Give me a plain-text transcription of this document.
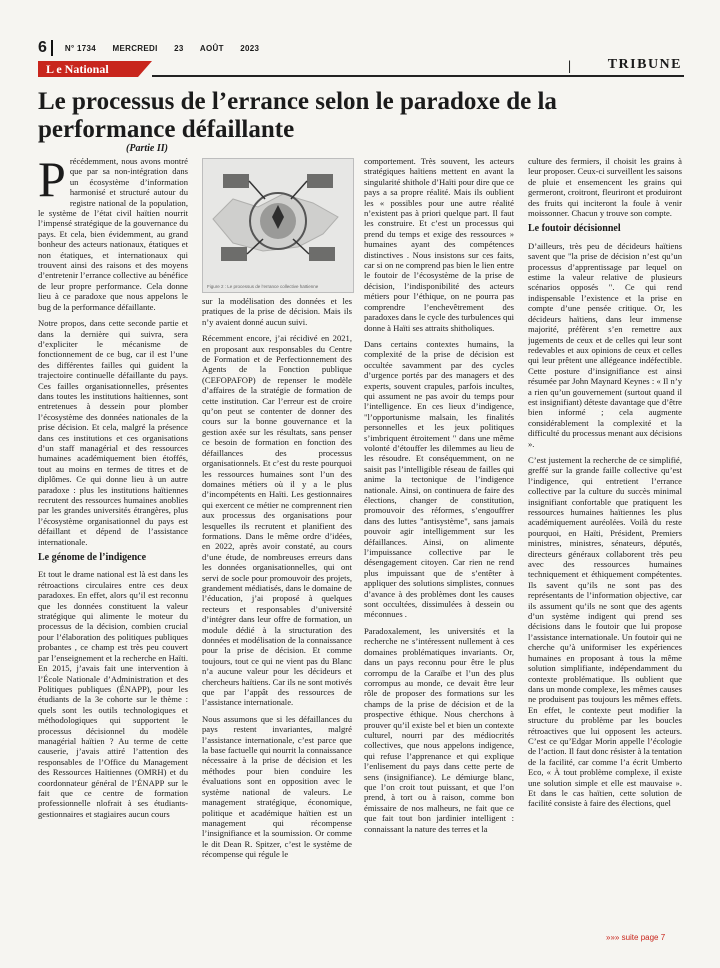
6 N° 1734 MERCREDI 23 AOÛT 2023
L e National	|	TRIBUNE
Le processus de l’errance selon le paradoxe de la performance défaillante
(Partie II)
P récédemment, nous avons montré que par sa non-intégration dans un écosystème d’information harmonisé et structuré autour du registre national de la population, le système de l’état civil haïtien nourrit l’impensé stratégique de la gouvernance du pays. Et cela, bien évidemment, au grand bonheur des acteurs nationaux, étatiques et non étatiques, et internationaux qui trouvent ainsi des raisons et des moyens d’entretenir l’errance collective au bénéfice de leur propre performance. Cela donne lieu à ce paradoxe que nous appelons le bug de la performance défaillante.

Notre propos, dans cette seconde partie et dans la dernière qui suivra, sera d’expliciter le mécanisme de fonctionnement de ce bug, car il est l’une des différentes failles qui guident la trajectoire continuelle défaillante du pays. Ces failles organisationnelles, présentes dans toutes les institutions haïtiennes, sont entretenues à dessein pour plomber l’écosystème des données nationales de la prise décision. Et cela, malgré la présence dans ces institutions et ces organisations d’un staff managérial et des ressources humaines académiquement bien étoffés, tout au moins en termes de titres et de diplômes. Ce qui donne lieu à un autre paradoxe : plus les institutions haïtiennes recrutent des ressources humaines anoblies par les grandes universités étrangères, plus l’écosystème organisationnel du pays est défaillant et dépend de l’assistance internationale.

Le génome de l’indigence

Et tout le drame national est là est dans les rétroactions circulaires entre ces deux paradoxes. En effet, alors qu’il est reconnu que les données constituent la valeur stratégique qui alimente le moteur du processus de la décision, combien crucial pour l’élaboration des politiques publiques probantes , ce champ est très peu couvert par l’enseignement et la recherche en Haïti. En 2015, j’avais fait une intervention à l’École Nationale d’Administration et des Politiques publiques (ÉNAPP), pour les étudiants de la 3e cohorte sur le thème : quels sont les outils technologiques et méthodologiques qui supportent le processus décisionnel du modèle managérial haïtien ? Au terme de cette causerie, j’avais attiré l’attention des responsables de l’Office du Management des Ressources Haïtiennes (OMRH) et du coordonnateur général de l’ÉNAPP sur le fait que ce centre de formation professionnelle nlofrait à ses étudiants-gestionnaires et stagiaires aucun cours

Figure 2 : Le processus de l’errance collective haïtienne

sur la modélisation des données et les pratiques de la prise de décision. Mais ils n’y avaient donné aucun suivi.

Récemment encore, j’ai récidivé en 2021, en proposant aux responsables du Centre de Formation et de Perfectionnement des Agents de la Fonction publique (CEFOPAFOP) de repenser le modèle d’affaires de la stratégie de formation de cette institution. Car l’erreur est de croire qu’on peut se contenter de donner des cours sur la bonne gouvernance et la gestion axée sur les résultats, sans penser ce besoin de formation en fonction des défaillances des processus organisationnels. Et c’est du reste pourquoi les ressources humaines sont l’un des domaines métiers où il y a le plus d’incompétents en Haïti. Les gestionnaires qui exercent ce métier ne comprennent rien aux processus des organisations pour lesquelles ils recrutent et planifient des formations. Dans le même ordre d’idées, en 2022, après avoir constaté, au cours d’une étude, de nombreuses erreurs dans les données organisationnelles, qui ont servi de socle pour promouvoir des projets, grandement médiatisés, dans le domaine de l’éducation, j’ai proposé à quelques recteurs et responsables d’université d’intégrer dans leur offre de formation, un module dédié à la structuration des données et modélisation de la connaissance pour la prise de décision. Et comme toujours, tout ce qui ne vient pas du Blanc n’a aucune valeur pour les décideurs et chercheurs haïtiens. Car ils ne sont motivés que par l’appât des ressources de l’assistance internationale.

Nous assumons que si les défaillances du pays restent invariantes, malgré l’assistance internationale, c’est parce que la base factuelle qui nourrit la connaissance nécessaire à la prise de décision et les méthodes pour bien conduire les évaluations sont en opposition avec le système national de valeurs. Le management stratégique, économique, politique et académique haïtien est un management qui récompense l’insignifiance et la soumission. Or comme le dit Dean R. Spitzer, c’est le système de récompense qui régule le

comportement. Très souvent, les acteurs stratégiques haïtiens mettent en avant la singularité shithole d’Haïti pour dire que ce pays a sa propre réalité. Mais ils oublient les « possibles pour une autre réalité n’existent pas à priori quelque part. Il faut les construire. Et c’est un processus qui prend du temps et exige des ressources » humaines ayant des compétences distinctives . Nous insistons sur ces faits, car si on ne comprend pas bien le lien entre le foutoir de l’écosystème de la prise de décision, l’indisponibilité des acteurs métiers pour l’éthique, on ne pourra pas comprendre l’enchevêtrement des paradoxes dans le cycle des turbulences qui donne à Haïti ses attraits shitholiques.

Dans certains contextes humains, la complexité de la prise de décision est occultée savamment par des cycles d’urgence portés par des managers et des experts, souvent crapules, parfois incultes, qui assument ne pas avoir du temps pour l’intelligence. En ces lieux d’indigence, "l’opportunisme malsain, les finalités personnelles et les jeux politiques s’imbriquent étroitement " dans une même volonté d’étouffer les dilemmes au lieu de les résoudre. Et conséquemment, on ne saisit pas l’intelligible réseau de failles qui anime la tectonique de l’indigence nationale. Ainsi, on continuera de faire des élections, changer de constitution, promouvoir des réformes, s’engouffrer dans des luttes "antisystème", sans jamais pouvoir agir intelligemment sur les défaillances. Ainsi, on alimente l’impuissance collective par le désengagement citoyen. Car rien ne rend plus impuissant que de s’entêter à appliquer des solutions simplistes, connues d’avance à des problèmes dont les causes sont occultées, dissimulées à dessein ou méconnues .

Paradoxalement, les universités et la recherche ne s’intéressent nullement à ces domaines problématiques invariants. Or, dans un pays reconnu pour être le plus corrompu de la Caraïbe et l’un des plus corrompus au monde, ce devait être leur rôle de proposer des formations sur les champs de la prise de décision et de la prospective éthique. Nous cherchons à prouver qu’il existe bel et bien un contexte culturel, nourri par des médiocrités collectives, que nous appelons indigence, qui refuse l’apprenance et qui explique l’enlisement du pays dans cette perte de sens (insignifiance). Le démiurge blanc, que l’on croit tout puissant, et que l’on prend, à tort ou à raison, comme bon émissaire de nos malheurs, ne fait que ce que fait tout bon jardinier intelligent : connaissant la nature des terres et la

culture des fermiers, il choisit les grains à leur proposer. Ceux-ci surveillent les saisons de pluie et ensemencent les grains qui germeront, croitront, fleuriront et produiront des fruits qui inciteront la foule à venir moissonner. Chacun y trouve son compte.

Le foutoir décisionnel

D’ailleurs, très peu de décideurs haïtiens savent que "la prise de décision n’est qu’un processus d’apprentissage par lequel on estime la valeur relative de plusieurs scénarios opposés ". Ce qui rend indispensable l’existence et la prise en compte d’une pensée critique. Or, les décideurs haïtiens, dans leur immense majorité, préfèrent s’en remettre aux jugements de ceux et de celles qui leur sont redevables et aux opinions de ceux et celles qui leur prêtent une allégeance indéfectible. Cette posture d’insignifiance est ainsi résumée par John Maynard Keynes : « Il n’y a rien qu’un gouvernement (surtout quand il est insignifiant) déteste davantage que d’être bien informé ; cela augmente considérablement la complexité et la difficulté du processus menant aux décisions ».

C’est justement la recherche de ce simplifié, greffé sur la grande faille collective qu’est l’indigence, qui entretient l’errance collective par la culture du succès minimal insignifiant confortable que pratiquent les ressources humaines haïtiennes les plus académiquement auréolées. Voilà du reste pourquoi, en Haïti, Président, Premiers ministres, ministres, sénateurs, députés, directeurs généraux collaborent très peu avec des ressources humaines techniquement et éthiquement compétentes. Ils savent qu’ils ne sont pas des représentants de l’information objective, car ils assument qu’ils ne sont que des agents d’un système indigent qui prend ses décisions dans le foutoir que lui propose l’assistance internationale. Un foutoir qui ne cherche qu’à uniformiser les expériences humaines en proposant à tous la même solution simplifiante, indépendamment du contexte problématique. Ils oublient que dans un monde complexe, les mêmes causes ne produisent pas toujours les mêmes effets. En effet, le contexte peut modifier la structure du problème par les boucles rétroactives que lui opposent les acteurs. C’est ce qu’Edgar Morin appelle l’écologie de l’action. Il faut donc résister à la tentation de la facilité, car comme l’a écrit Umberto Eco, « À tout problème complexe, il existe une solution simple et elle est mauvaise ». Et dans le cas haïtien, cette solution de facilité consiste à faire des élections, quel

»»» suite page 7
